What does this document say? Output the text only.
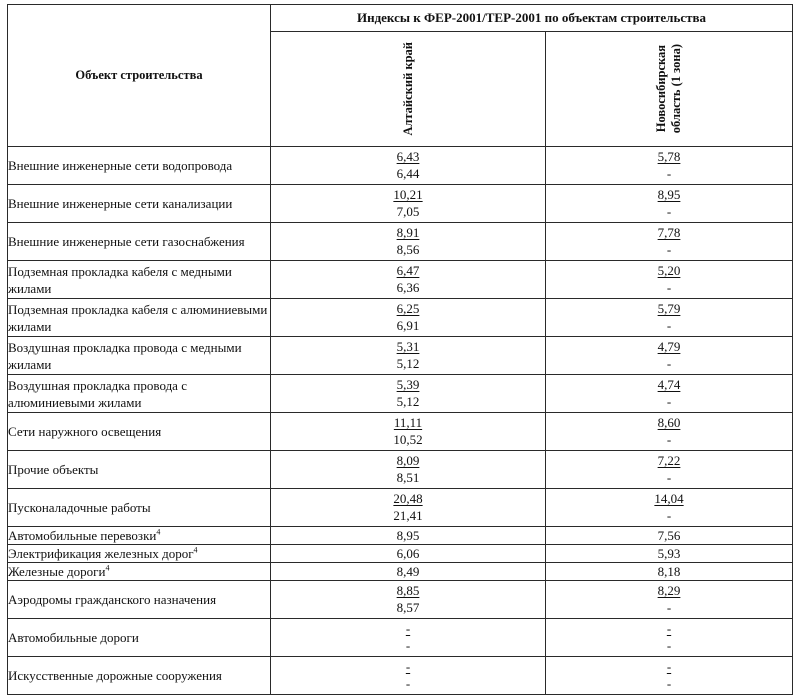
Объект строительства	Индексы к ФЕР-2001/ТЕР-2001 по объектам строительства	

	Алтайский край	Новосибирская
область (1 зона)

Внешние инженерные сети водопровода	$\frac{6,43}{6,44}$	$\frac{5,78}{-}$

Внешние инженерные сети канализации	$\frac{10,21}{7,05}$	$\frac{8,95}{-}$

Внешние инженерные сети газоснабжения	$\frac{8,91}{8,56}$	$\frac{7,78}{-}$

Подземная прокладка кабеля с медными жилами	$\frac{6,47}{6,36}$	$\frac{5,20}{-}$

Подземная прокладка кабеля с алюминиевыми жилами	$\frac{6,25}{6,91}$	$\frac{5,79}{-}$

Воздушная прокладка провода с медными жилами	$\frac{5,31}{5,12}$	$\frac{4,79}{-}$

Воздушная прокладка провода с алюминиевыми жилами	$\frac{5,39}{5,12}$	$\frac{4,74}{-}$

Сети наружного освещения	$\frac{11,11}{10,52}$	$\frac{8,60}{-}$

Прочие объекты	$\frac{8,09}{8,51}$	$\frac{7,22}{-}$

Пусконаладочные работы	$\frac{20,48}{21,41}$	$\frac{14,04}{-}$

Автомобильные перевозки$^4$	8,95	7,56
Электрификация железных дорог$^4$	6,06	5,93
Железные дороги$^4$	8,49	8,18
Аэродромы гражданского назначения	$\frac{8,85}{8,57}$	$\frac{8,29}{-}$

Автомобильные дороги	$\frac{-}{-}$	$\frac{-}{-}$

Искусственные дорожные сооружения	$\frac{-}{-}$	$\frac{-}{-}$
